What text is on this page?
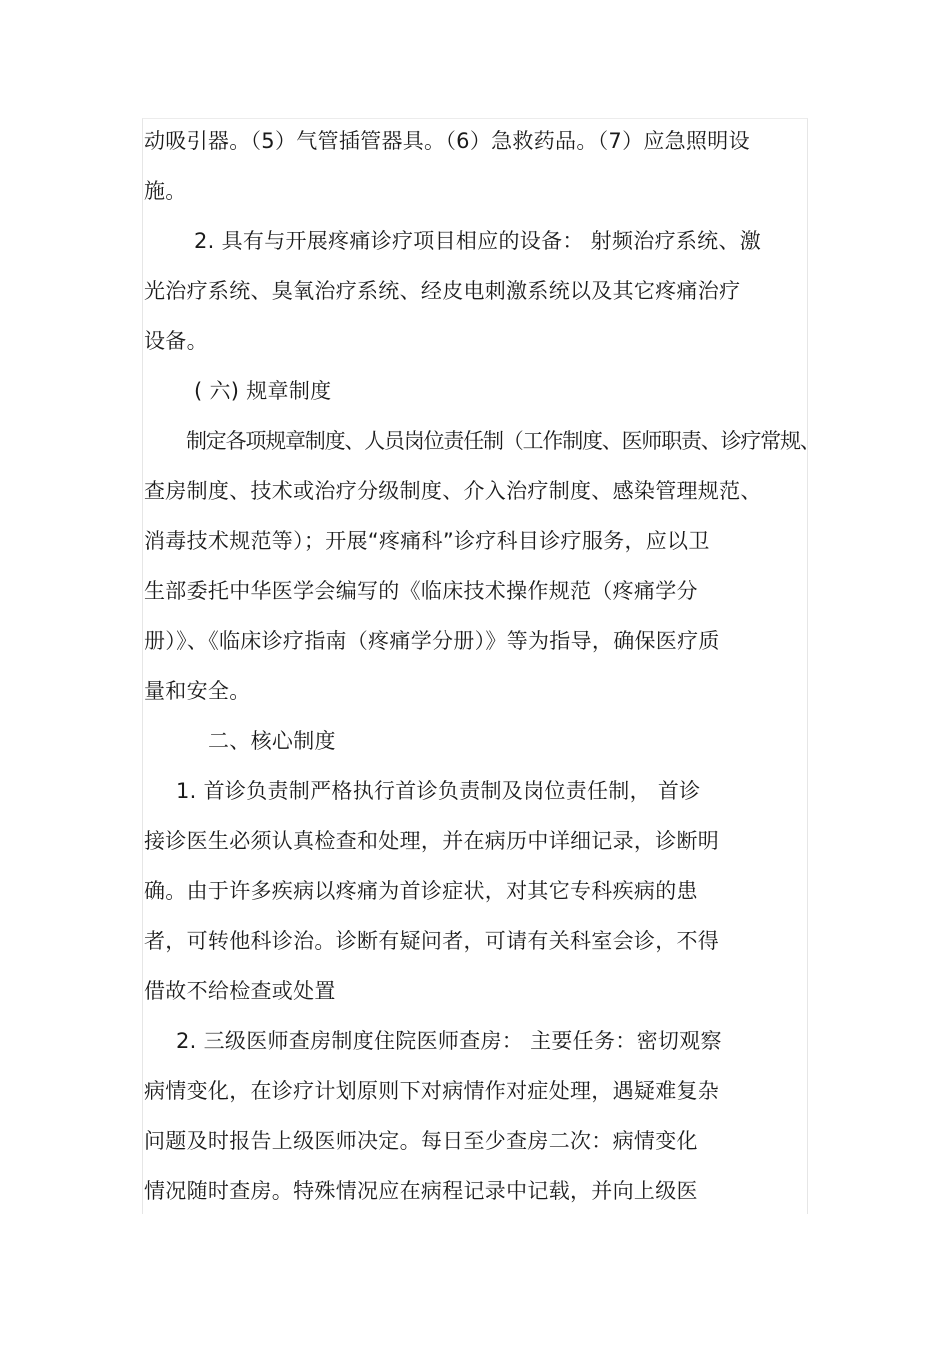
动吸引器。（5）气管插管器具。（6）急救药品。（7）应急照明设
施。
2. 具有与开展疼痛诊疗项目相应的设备： 射频治疗系统、激
光治疗系统、臭氧治疗系统、经皮电刺激系统以及其它疼痛治疗
设备。
( 六) 规章制度
制定各项规章制度、人员岗位责任制（工作制度、医师职责、诊疗常规、
查房制度、技术或治疗分级制度、介入治疗制度、感染管理规范、
消毒技术规范等）；开展“疼痛科”诊疗科目诊疗服务，应以卫
生部委托中华医学会编写的《临床技术操作规范（疼痛学分
册）》、《临床诊疗指南（疼痛学分册）》等为指导，确保医疗质
量和安全。
二、核心制度
1. 首诊负责制严格执行首诊负责制及岗位责任制， 首诊
接诊医生必须认真检查和处理，并在病历中详细记录，诊断明
确。由于许多疾病以疼痛为首诊症状，对其它专科疾病的患
者，可转他科诊治。诊断有疑问者，可请有关科室会诊，不得
借故不给检查或处置
2. 三级医师查房制度住院医师查房： 主要任务：密切观察
病情变化，在诊疗计划原则下对病情作对症处理，遇疑难复杂
问题及时报告上级医师决定。每日至少查房二次：病情变化
情况随时查房。特殊情况应在病程记录中记载，并向上级医
